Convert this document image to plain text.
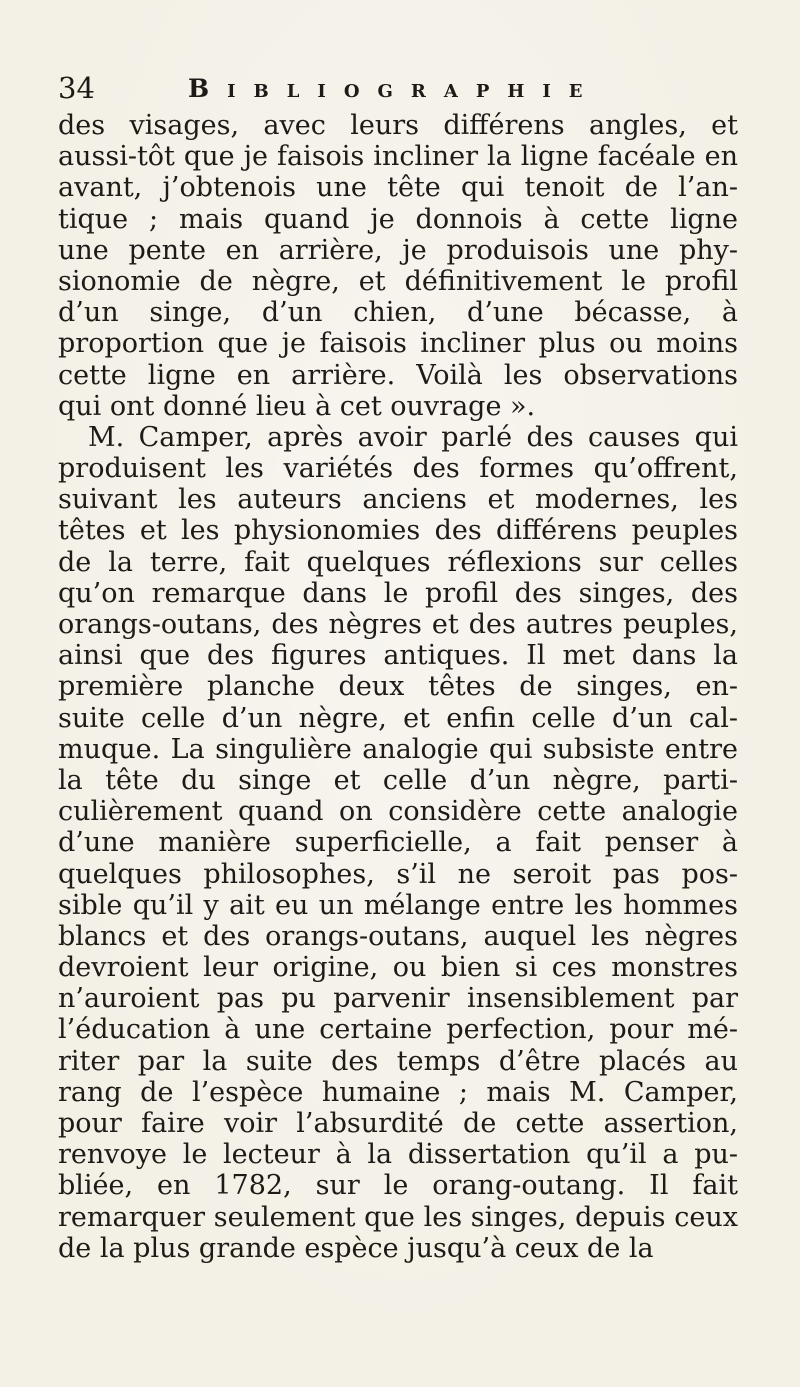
34	Bibliographie
des visages, avec leurs différens angles, et
aussi-tôt que je faisois incliner la ligne facéale en
avant, j’obtenois une tête qui tenoit de l’an-
tique ; mais quand je donnois à cette ligne
une pente en arrière, je produisois une phy-
sionomie de nègre, et définitivement le profil
d’un singe, d’un chien, d’une bécasse, à
proportion que je faisois incliner plus ou moins
cette ligne en arrière. Voilà les observations
qui ont donné lieu à cet ouvrage ».
M. Camper, après avoir parlé des causes qui
produisent les variétés des formes qu’offrent,
suivant les auteurs anciens et modernes, les
têtes et les physionomies des différens peuples
de la terre, fait quelques réflexions sur celles
qu’on remarque dans le profil des singes, des
orangs-outans, des nègres et des autres peuples,
ainsi que des figures antiques. Il met dans la
première planche deux têtes de singes, en-
suite celle d’un nègre, et enfin celle d’un cal-
muque. La singulière analogie qui subsiste entre
la tête du singe et celle d’un nègre, parti-
culièrement quand on considère cette analogie
d’une manière superficielle, a fait penser à
quelques philosophes, s’il ne seroit pas pos-
sible qu’il y ait eu un mélange entre les hommes
blancs et des orangs-outans, auquel les nègres
devroient leur origine, ou bien si ces monstres
n’auroient pas pu parvenir insensiblement par
l’éducation à une certaine perfection, pour mé-
riter par la suite des temps d’être placés au
rang de l’espèce humaine ; mais M. Camper,
pour faire voir l’absurdité de cette assertion,
renvoye le lecteur à la dissertation qu’il a pu-
bliée, en 1782, sur le orang-outang. Il fait
remarquer seulement que les singes, depuis ceux
de la plus grande espèce jusqu’à ceux de la
